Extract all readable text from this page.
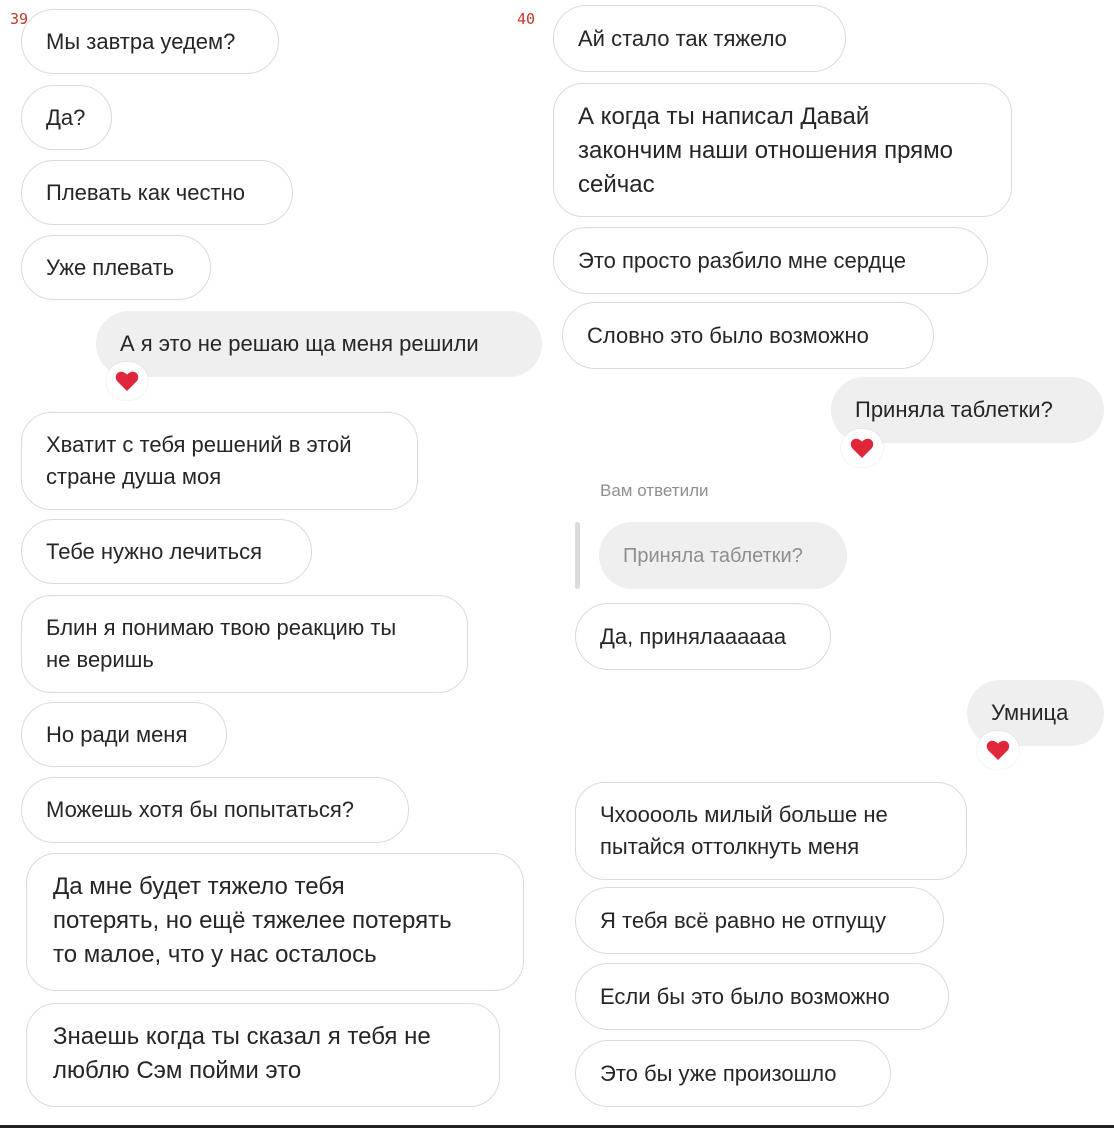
39	40
Мы завтра уедем?
Да?
Плевать как честно
Уже плевать
А я это не решаю ща меня решили
Хватит с тебя решений в этой
стране душа моя
Тебе нужно лечиться
Блин я понимаю твою реакцию ты
не веришь
Но ради меня
Можешь хотя бы попытаться?
Да мне будет тяжело тебя
потерять, но ещё тяжелее потерять
то малое, что у нас осталось
Знаешь когда ты сказал я тебя не
люблю Сэм пойми это
Ай стало так тяжело
А когда ты написал Давай
закончим наши отношения прямо
сейчас
Это просто разбило мне сердце
Словно это было возможно
Приняла таблетки?
Вам ответили
Приняла таблетки?
Да, принялаааааа
Умница
Чхооооль милый больше не
пытайся оттолкнуть меня
Я тебя всё равно не отпущу
Если бы это было возможно
Это бы уже произошло
